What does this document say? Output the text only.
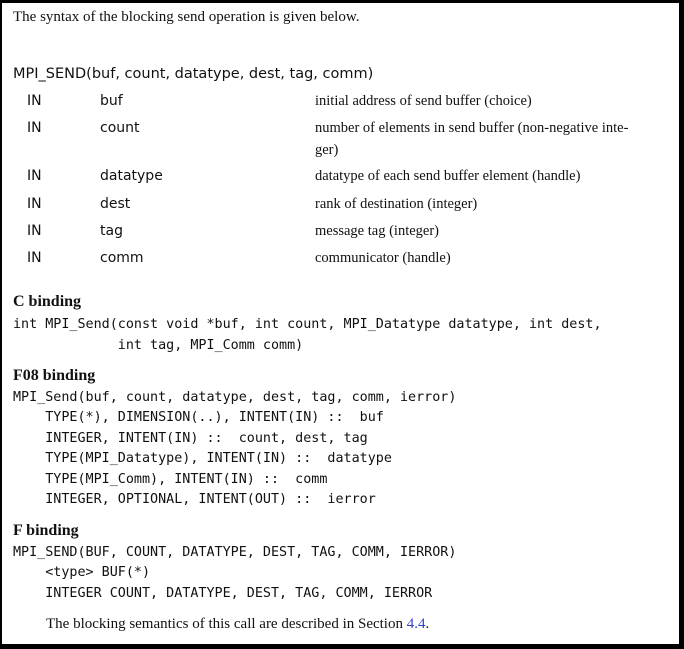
The syntax of the blocking send operation is given below.
MPI_SEND(buf, count, datatype, dest, tag, comm)
IN	buf	initial address of send buffer (choice)
IN	count	number of elements in send buffer (non-negative inte-
ger)
IN	datatype	datatype of each send buffer element (handle)
IN	dest	rank of destination (integer)
IN	tag	message tag (integer)
IN	comm	communicator (handle)
C binding
int MPI_Send(const void *buf, int count, MPI_Datatype datatype, int dest,
int tag, MPI_Comm comm)
F08 binding
MPI_Send(buf, count, datatype, dest, tag, comm, ierror)
TYPE(*), DIMENSION(..), INTENT(IN) ::  buf
INTEGER, INTENT(IN) ::  count, dest, tag
TYPE(MPI_Datatype), INTENT(IN) ::  datatype
TYPE(MPI_Comm), INTENT(IN) ::  comm
INTEGER, OPTIONAL, INTENT(OUT) ::  ierror
F binding
MPI_SEND(BUF, COUNT, DATATYPE, DEST, TAG, COMM, IERROR)
<type> BUF(*)
INTEGER COUNT, DATATYPE, DEST, TAG, COMM, IERROR
The blocking semantics of this call are described in Section 4.4.
